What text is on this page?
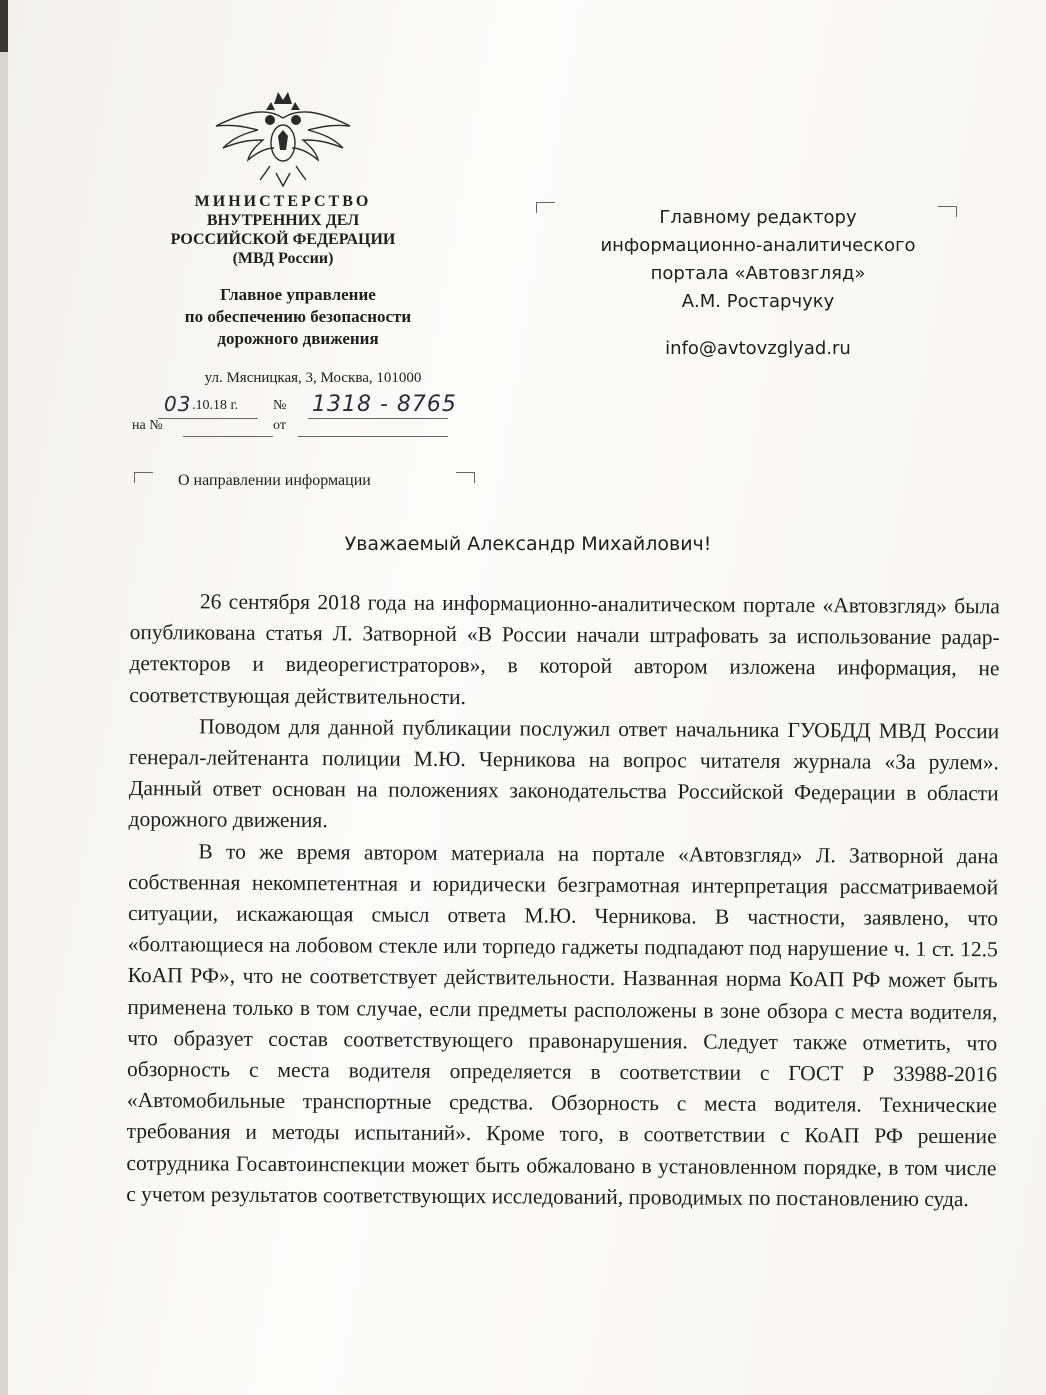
МИНИСТЕРСТВО
ВНУТРЕННИХ ДЕЛ
РОССИЙСКОЙ ФЕДЕРАЦИИ
(МВД России)
Главное управление
по обеспечению безопасности
дорожного движения
ул. Мясницкая, 3, Москва, 101000
03 .10.18 г. № 1318 - 8765
на №	от
О направлении информации
Главному редактору
информационно-аналитического
портала «Автовзгляд»
А.М. Ростарчуку
info@avtovzglyad.ru
Уважаемый Александр Михайлович!

26 сентября 2018 года на информационно-аналитическом портале «Автовзгляд» была опубликована статья Л. Затворной «В России начали штрафовать за использование радар-детекторов и видеорегистраторов», в которой автором изложена информация, не соответствующая действительности.

Поводом для данной публикации послужил ответ начальника ГУОБДД МВД России генерал-лейтенанта полиции М.Ю. Черникова на вопрос читателя журнала «За рулем». Данный ответ основан на положениях законодательства Российской Федерации в области дорожного движения.

В то же время автором материала на портале «Автовзгляд» Л. Затворной дана собственная некомпетентная и юридически безграмотная интерпретация рассматриваемой ситуации, искажающая смысл ответа М.Ю. Черникова. В частности, заявлено, что «болтающиеся на лобовом стекле или торпедо гаджеты подпадают под нарушение ч. 1 ст. 12.5 КоАП РФ», что не соответствует действительности. Названная норма КоАП РФ может быть применена только в том случае, если предметы расположены в зоне обзора с места водителя, что образует состав соответствующего правонарушения. Следует также отметить, что обзорность с места водителя определяется в соответствии с ГОСТ Р 33988-2016 «Автомобильные транспортные средства. Обзорность с места водителя. Технические требования и методы испытаний». Кроме того, в соответствии с КоАП РФ решение сотрудника Госавтоинспекции может быть обжаловано в установленном порядке, в том числе с учетом результатов соответствующих исследований, проводимых по постановлению суда.
